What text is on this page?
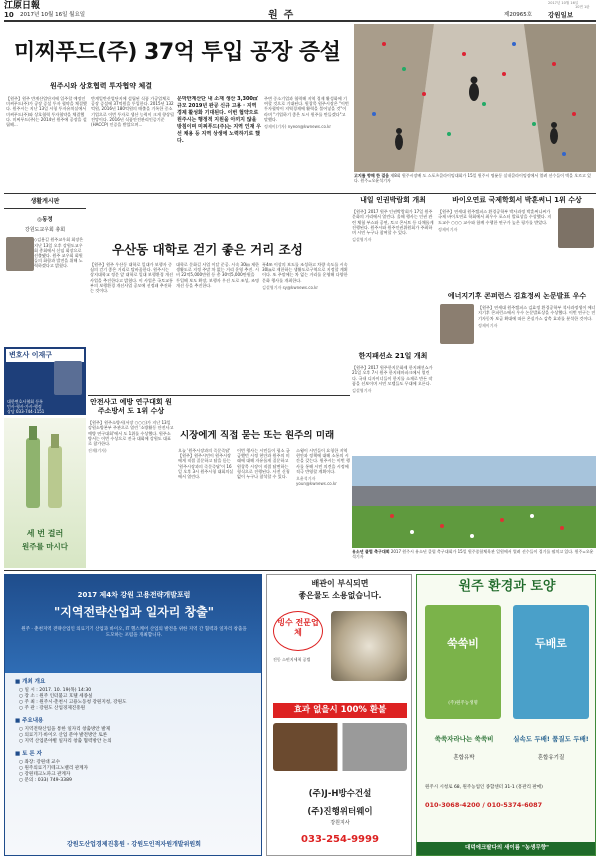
江原日報
10 2017년 10월 16일 월요일	원주	제20965호 강원일보
2017년 10월 16일
10면 1판
미찌푸드(주) 37억 투입 공장 증설
원주시와 상호협력 투자협약 체결
【원주】원주 반계산업단지에 입주할 예정인 미찌푸드(주)가 공장 증설 투자 협약을 체결했다. 원주시는 지난 13일 시청 투자유치실에서 미찌푸드(주)와 상호협력 투자협약을 체결했다. 미찌푸드(주)는 2014년 원주에 공장을 설립해...
반계일반산업단지에 설립된 식품 가공업체로 공장 증설에 37억원을 투입한다. 2015년 132억원, 2016년 180억원의 매출을 기록한 중소기업으로 이번 투자로 생산 능력이 크게 향상될 전망이다. 2016년 식품안전관리인증기준(HACCP) 인증을 받았으며...
문막반계산단 내 소재 생산 3,300㎡ 규모 2019년 완공 신규 고용 · 지역경제 활성화 기대된다. 이번 협약으로 원주시는 행정적 지원을 아끼지 않을 방침이며 미찌푸드(주)는 지역 인재 우선 채용 등 지역 상생에 노력하기로 했다.
주변 중소기업과 협력해 지역 경제 활성화에 기여할 것으로 기대된다. 원창묵 원주시장은 "이번 투자협약이 지역경제에 활력을 불어넣을 것"이라며 "기업하기 좋은 도시 원주를 만들겠다"고 말했다.
정제이(기자) nyeon@kwnews.co.kr
고지를 향해 한 걸음 제8회 원주시장배 도 스포츠클라이밍대회가 15일 원주시 명륜동 실내클라이밍장에서 열려 선수들이 벽을 오르고 있다. 원주=오윤석기자
생활게시판
◎동정
강원도교우회 총회
◇김용길 원주교우회 회장은 지난 13일 오후 강원도교우회 총회에서 신임 회장으로 선출됐다. 원주 교우회 회원들의 화합과 발전을 위해 노력하겠다고 밝혔다.
변호사 이재구
대한변호사협회 등록
민사·형사·가사·행정
상담 033-744-1151
우산동 대학로 걷기 좋은 거리 조성
【원주】원주 우산동 대학로 일대가 보행자 중심의 걷기 좋은 거리로 탈바꿈한다. 원주시는 상지대학교 정문 앞 대학로 일대 보행환경 개선사업을 추진한다고 밝혔다. 이 사업은 국토교통부의 보행환경 개선사업 공모에 선정돼 추진하는 것이다.
대학로 문화길 사업 이달 준공. 시속 30㎞ 제한 생활도로 지정 주말 차 없는 거리 운영 추진. 시비 22억5,000만원 등 총 30억5,000만원을 투입해 보도 확장, 보행자 우선 도로 조성, 조명 개선 등을 추진한다.
폭4m 이상의 보도를 조성하고 차량 속도를 시속 30㎞로 제한하는 생활도로구역으로 지정할 계획이다. 또 주말에는 차 없는 거리를 운영해 다양한 문화 행사를 개최한다.
김설영기자 sy@kwnews.co.kr
내일 인권박람회 개최
【원주】2017 원주 인권박람회가 17일 원주 문화의 거리에서 열린다. 올해 행사는 인권 관련 체험 부스와 공연, 토크 콘서트 등 다채롭게 진행된다. 원주시와 원주인권위원회가 주최하며 시민 누구나 참여할 수 있다.
김설영기자
한지패션쇼 21일 개최
【원주】2017 원주한지문화제 한지패션쇼가 21일 오후 7시 원주 한지테마파크에서 열린다. 국내 디자이너들이 한지를 소재로 만든 작품을 선보이며 시민 모델들도 무대에 오른다.
김설영기자
바이오연료 국제학회서 박훈써니 1위 수상
【원주】연세대 원주캠퍼스 환경공학부 박사과정 박훈써니씨가 국제 바이오연료 학회에서 최우수 포스터 발표상을 수상했다. 지도교수 ○○○ 교수와 함께 수행한 연구가 높은 평가를 받았다.
정제이기자
에너지기후 콘퍼런스 김효정씨 논문발표 우수
【원주】연세대 원주캠퍼스 김효정 환경공학부 석사과정생이 에너지기후 콘퍼런스에서 우수 논문발표상을 수상했다. 이번 연구는 전기자동차 보급 확대에 따른 온실가스 감축 효과를 분석한 것이다.
정제이기자
안전사고 예방 연구대회 원주소방서 도 1위 수상
【원주】원주소방서(서장 ○○○)가 지난 13일 강원소방본부 주관으로 열린 '소방활동 안전사고 예방 연구대회'에서 도 1위를 수상했다. 원주소방서는 이번 수상으로 전국 대회에 강원도 대표로 참가한다.
진재(기자)
시장에게 직접 묻는 또는 원주의 미래
오늘 '원주시장과의 즉문즉답' 【원주】원주시민이 원주시장에게 직접 질문하고 답을 듣는 '원주시장과의 즉문즉답'이 16일 오후 3시 원주시청 대회의실에서 열린다.
이번 행사는 시민들이 평소 궁금했던 시정 현안과 원주의 미래에 대해 자유롭게 질문하고 원창묵 시장이 직접 답변하는 형식으로 진행된다. 사전 신청 없이 누구나 참석할 수 있다.
스윙이 시민들이 요청한 지역 현안과 정책에 대해 소통의 시간을 갖는다. 원주시는 이번 행사를 통해 시민 의견을 시정에 적극 반영할 계획이다.
오윤석기자 youn@kwnews.co.kr
세 번 걸러
원주를 마시다
유소년 클럽 축구대회 2017 원주시 유소년 클럽 축구대회가 15일 원주종합체육관 일원에서 열려 선수들이 경기를 펼치고 있다. 원주=오윤석기자
2017 제4차 강원 고용전략개발포럼
"지역전략산업과 일자리 창출"
원주 · 춘천지역 전략산업인 의료기기 산업과 바이오, IT 헬스케어 산업의 발전을 위한 지역 간 협력과 일자리 창출을 도모하는 포럼을 개최합니다.
■ 개최 개요
○ 일 시 : 2017. 10. 19(목) 14:30
○ 장 소 : 원주 인터불고 호텔 세종실
○ 주 최 : 원주시·춘천시 고용노동청 강원지청, 강원도
○ 주 관 : 강원도 산업경제진흥원
■ 주요내용
○ 지역전략산업을 통한 일자리 창출방안 발제
○ 의료기기·바이오 산업 분야 발전방안 토론
○ 지역 산업분야별 일자리 창출 협력방안 논의
■ 토 론 자
○ 좌장: 강원대 교수
○ 원주의료기기테크노밸리 관계자
○ 강원테크노파크 관계자
○ 문의 : 033) 749-3389
강원도산업경제진흥원 · 강원도인적자원개발위원회
배관이 부식되면
좋은물도 소용없습니다.
빙수 전문업체
진동 스펀지세척 공법
효과 없을시 100% 환불
(주)J-H방수건설
(주)진행위터웨이
강원지사
033-254-9999
원주 환경과 토양
쑥쑥비
(주)원주농생명
두배로
쑥쑥자라나는 쑥쑥비	실속도 두배! 품질도 두배!
혼합유박	혼합유기질
원주시 시청로 68, 원주농업인 종합센터 31-1 (흥관리 판매)
010-3068-4200 / 010-5374-6087
대덕에크팔다의 새이름 "농생무향"
